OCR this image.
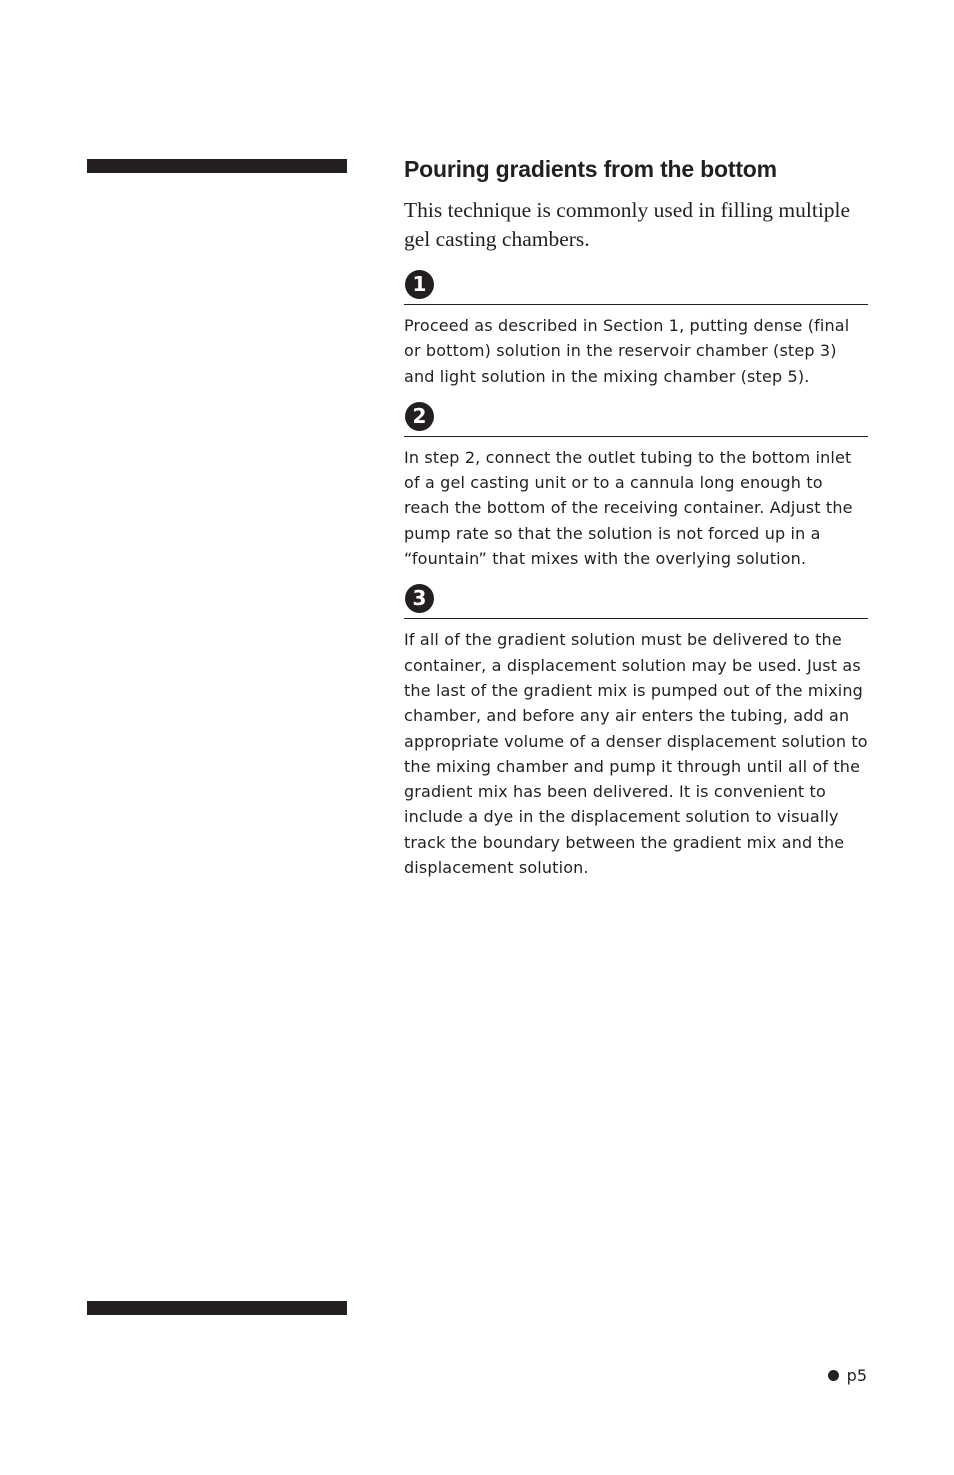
Pouring gradients from the bottom

This technique is commonly used in filling multiple gel casting chambers.

1

Proceed as described in Section 1, putting dense (final or bottom) solution in the reservoir chamber (step 3) and light solution in the mixing chamber (step 5).

2

In step 2, connect the outlet tubing to the bottom inlet of a gel casting unit or to a cannula long enough to reach the bottom of the receiving container. Adjust the pump rate so that the solution is not forced up in a “fountain” that mixes with the overlying solution.

3

If all of the gradient solution must be delivered to the container, a displacement solution may be used. Just as the last of the gradient mix is pumped out of the mixing chamber, and before any air enters the tubing, add an appropriate volume of a denser displacement solution to the mixing chamber and pump it through until all of the gradient mix has been delivered. It is convenient to include a dye in the displacement solution to visually track the boundary between the gradient mix and the displacement solution.

p5
